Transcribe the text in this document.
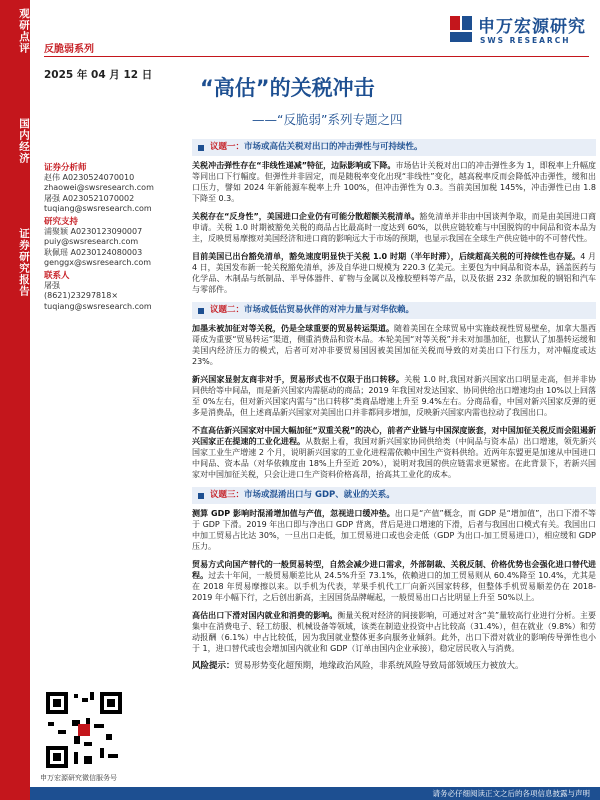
观研点评
国内经济
证券研究报告
反脆弱系列
2025 年 04 月 12 日
申万宏源研究
SWS RESEARCH
“高估”的关税冲击
——“反脆弱”系列专题之四
证券分析师
赵伟 A0230524070010
zhaowei@swsresearch.com
屠强 A0230521070002
tuqiang@swsresearch.com
研究支持
浦聚颖 A0230123090007
puiy@swsresearch.com
耿佩瑶 A0230124080003
genggx@swsresearch.com
联系人
屠强
(8621)23297818×
tuqiang@swsresearch.com
申万宏源研究微信服务号
议题一： 市场或高估关税对出口的冲击弹性与可持续性。

关税冲击弹性存在“非线性递减”特征，边际影响或下降。市场估计关税对出口的冲击弹性多为 1，即税率上升幅度等同出口下行幅度。但弹性并非固定，而是随税率变化出现“非线性”变化，越高税率反而会降低冲击弹性，缓和出口压力，譬如 2024 年新能源车税率上升 100%，但冲击弹性为 0.3。当前美国加税 145%，冲击弹性已由 1.8 下降至 0.3。

关税存在“反身性”，美国进口企业仍有可能分散超额关税清单。豁免清单并非由中国谈判争取，而是由美国进口商申请。关税 1.0 时期被豁免关税的商品占比最高时一度达到 60%，以供应链较难与中国脱钩的中间品和资本品为主，反映贸易摩擦对美国经济和进口商的影响远大于市场的预期，也显示我国在全球生产供应链中的不可替代性。

目前美国已出台豁免清单，豁免速度明显快于关税 1.0 时期（半年时滞），后续超高关税的可持续性也存疑。4 月 4 日，美国发布新一轮关税豁免清单，涉及自华进口规模为 220.3 亿美元。主要包为中间品和资本品，涵盖医药与化学品、木制品与纸制品、半导体器件、矿物与金属以及橡胶塑料等产品，以及依据 232 条款加税的钢铝和汽车与零部件。

议题二： 市场或低估贸易伙伴的对冲力量与对华依赖。

加墨未被加征对等关税，仍是全球重要的贸易转运渠道。随着美国在全球贸易中实施歧视性贸易壁垒，加拿大墨西哥成为重要“贸易转运”渠道，侧重消费品和资本品。本轮美国“对等关税”并未对加墨加征，也默认了加墨转运缓和美国内经济压力的模式，后者可对冲非要贸易国因被美国加征关税而导致的对美出口下行压力，对冲幅度或达 23%。

新兴国家显射友商非对手，贸易形式也不仅限于出口转移。关税 1.0 时,我国对新兴国家出口明显走高，但并非协同供给等中间品，而是新兴国家内需驱动的商品；2019 年我国对发达国家、协同供给出口增速均由 10%以上回落至 0%左右，但对新兴国家内需与“出口转移”类商品增速上升至 9.4%左右。分商品看，中国对新兴国家反弹的更多是消费品，但上述商品新兴国家对美国出口并非都同步增加，反映新兴国家内需也拉动了我国出口。

不直高估新兴国家对中国大幅加征“双重关税”的决心，前者产业链与中国深度嵌套，对中国加征关税反而会阻遏新兴国家正在提速的工业化进程。从数据上看，我国对新兴国家协同供给类（中间品与资本品）出口增速，领先新兴国家工业生产增速 2 个月，说明新兴国家的工业化进程需依赖中国生产资料供给。近两年东盟更是加速从中国进口中间品、资本品（对华依赖度由 18%上升至近 20%），说明对我国的供应链需求更紧密。在此背景下，若新兴国家对中国加征关税，只会让进口生产资料价格高昂，抬高其工业化的成本。

议题三： 市场或混淆出口与 GDP、就业的关系。

测算 GDP 影响时混淆增加值与产值，忽视进口缓冲垫。出口是“产值”概念，而 GDP 是“增加值”，出口下滑不等于 GDP 下滑。2019 年出口即与净出口 GDP 背离，背后是进口增速的下滑，后者与我国出口模式有关。我国出口中加工贸易占比达 30%，一旦出口走低，加工贸易进口或也会走低（GDP 为出口-加工贸易进口），相应缓和 GDP 压力。

贸易方式向国产替代的一般贸易转型，自然会减少进口需求，外部制裁、关税反制、价格优势也会强化进口替代进程。过去十年间，一般贸易顺差比从 24.5%升至 73.1%，依赖进口的加工贸易则从 60.4%降至 10.4%，尤其是在 2018 年贸易摩擦以来。以手机为代表，苹果手机代工厂向新兴国家转移，但整体手机贸易顺差仍在 2018-2019 年小幅下行，之后创出新高，主因国货品牌崛起，一般贸易出口占比明显上升至 50%以上。

高估出口下滑对国内就业和消费的影响。衡量关税对经济的间接影响，可通过对含“美”量较高行业进行分析。主要集中在消费电子、轻工纺服、机械设备等领域，该类在制造业投资中占比较高（31.4%），但在就业（9.8%）和劳动报酬（6.1%）中占比较低，因为我国就业整体更多向服务业倾斜。此外，出口下滑对就业的影响传导弹性也小于 1，进口替代或也会增加国内就业和 GDP（订单由国内企业承接），稳定居民收入与消费。

风险提示：贸易形势变化超预期，地缘政治风险，非系统风险导致局部领域压力被放大。

请务必仔细阅读正文之后的各项信息披露与声明
